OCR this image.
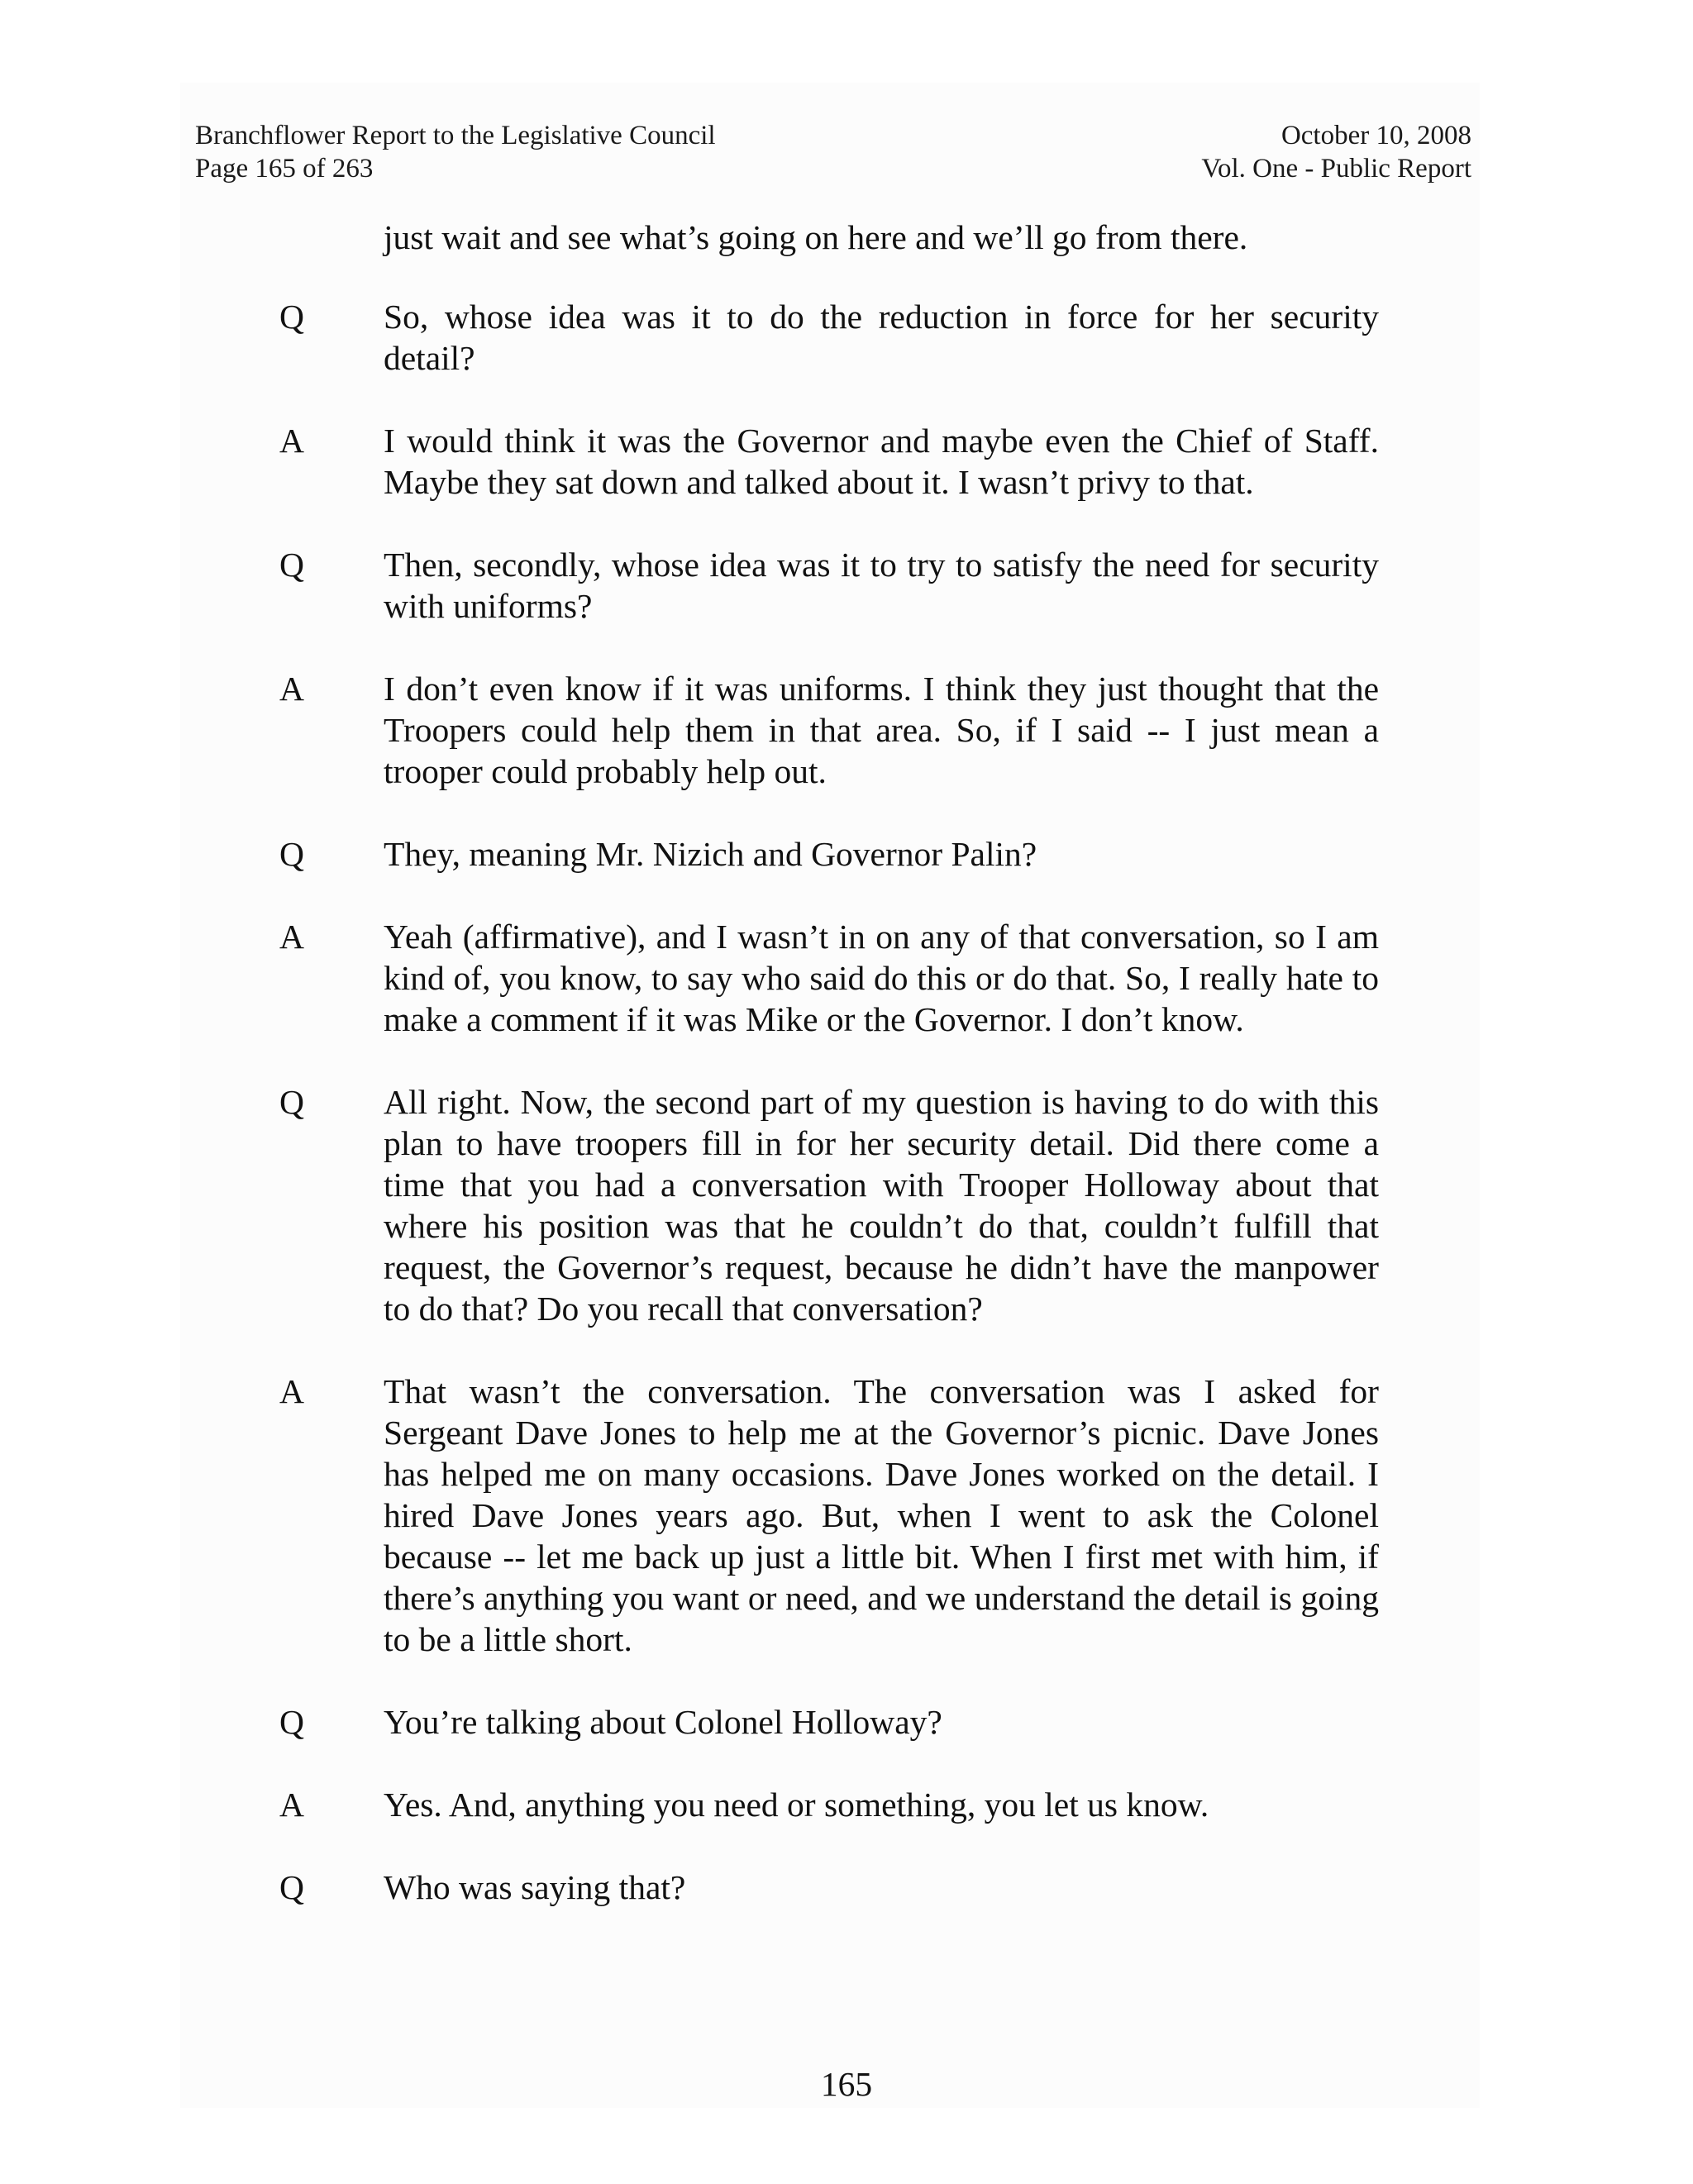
Branchflower Report to the Legislative Council
Page 165 of 263
October 10, 2008
Vol. One - Public Report
just wait and see what’s going on here and we’ll go from there.
Q	So, whose idea was it to do the reduction in force for her security detail?
A	I would think it was the Governor and maybe even the Chief of Staff. Maybe they sat down and talked about it. I wasn’t privy to that.
Q	Then, secondly, whose idea was it to try to satisfy the need for security with uniforms?
A	I don’t even know if it was uniforms. I think they just thought that the Troopers could help them in that area. So, if I said -- I just mean a trooper could probably help out.
Q	They, meaning Mr. Nizich and Governor Palin?
A	Yeah (affirmative), and I wasn’t in on any of that conversation, so I am kind of, you know, to say who said do this or do that. So, I really hate to make a comment if it was Mike or the Governor. I don’t know.
Q	All right. Now, the second part of my question is having to do with this plan to have troopers fill in for her security detail. Did there come a time that you had a conversation with Trooper Holloway about that where his position was that he couldn’t do that, couldn’t fulfill that request, the Governor’s request, because he didn’t have the manpower to do that? Do you recall that conversation?
A	That wasn’t the conversation. The conversation was I asked for Sergeant Dave Jones to help me at the Governor’s picnic. Dave Jones has helped me on many occasions. Dave Jones worked on the detail. I hired Dave Jones years ago. But, when I went to ask the Colonel because -- let me back up just a little bit. When I first met with him, if there’s anything you want or need, and we understand the detail is going to be a little short.
Q	You’re talking about Colonel Holloway?
A	Yes. And, anything you need or something, you let us know.
Q	Who was saying that?
165
